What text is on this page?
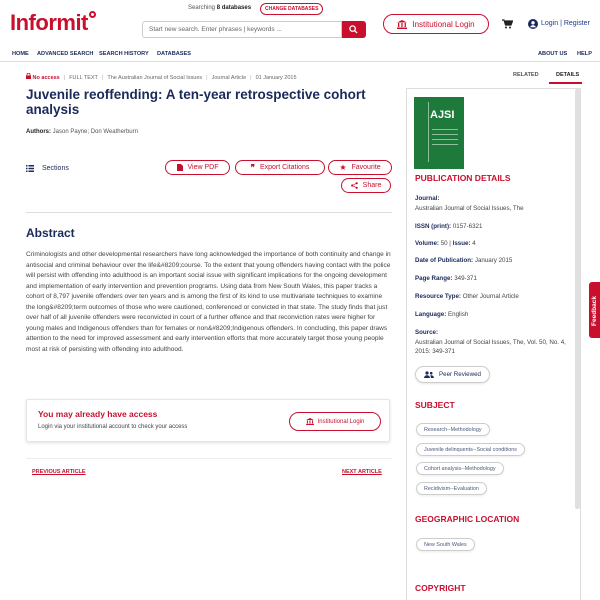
Informit
Searching 8 databases	CHANGE DATABASES
Start new search. Enter phrases | keywords ...
Institutional Login	Login | Register
HOME ADVANCED SEARCH SEARCH HISTORY DATABASES	ABOUT US HELP
No access | FULL TEXT | The Australian Journal of Social Issues | Journal Article | 01 January 2015	RELATED	DETAILS
Juvenile reoffending: A ten-year retrospective cohort analysis
Authors: Jason Payne; Don Weatherburn
Sections	View PDF	❞ Export Citations	★ Favourite
Share
Abstract
Criminologists and other developmental researchers have long acknowledged the importance of both continuity and change in antisocial and criminal behaviour over the life&#8209;course. To the extent that young offenders having contact with the police will persist with offending into adulthood is an important social issue with significant implications for the ongoing development and implementation of early intervention and prevention programs. Using data from New South Wales, this paper tracks a cohort of 8,797 juvenile offenders over ten years and is among the first of its kind to use multivariate techniques to examine the long&#8209;term outcomes of those who were cautioned, conferenced or convicted in that state. The study finds that just over half of all juvenile offenders were reconvicted in court of a further offence and that reconviction rates were higher for young males and Indigenous offenders than for females or non&#8209;Indigenous offenders. In concluding, this paper draws attention to the need for improved assessment and early intervention efforts that more accurately target those young people most at risk of persisting with offending into adulthood.
You may already have access
Login via your institutional account to check your access
Institutional Login
PREVIOUS ARTICLE	NEXT ARTICLE
AJSI
PUBLICATION DETAILS
Journal:
Australian Journal of Social Issues, The
ISSN (print): 0157-6321
Volume: 50 | Issue: 4
Date of Publication: January 2015
Page Range: 349-371
Resource Type: Other Journal Article
Language: English
Source:
Australian Journal of Social Issues, The, Vol. 50, No. 4, 2015: 349-371
Peer Reviewed
SUBJECT
Research--Methodology
Juvenile delinquents--Social conditions
Cohort analysis--Methodology
Recidivism--Evaluation
GEOGRAPHIC LOCATION
New South Wales
COPYRIGHT
Feedback
